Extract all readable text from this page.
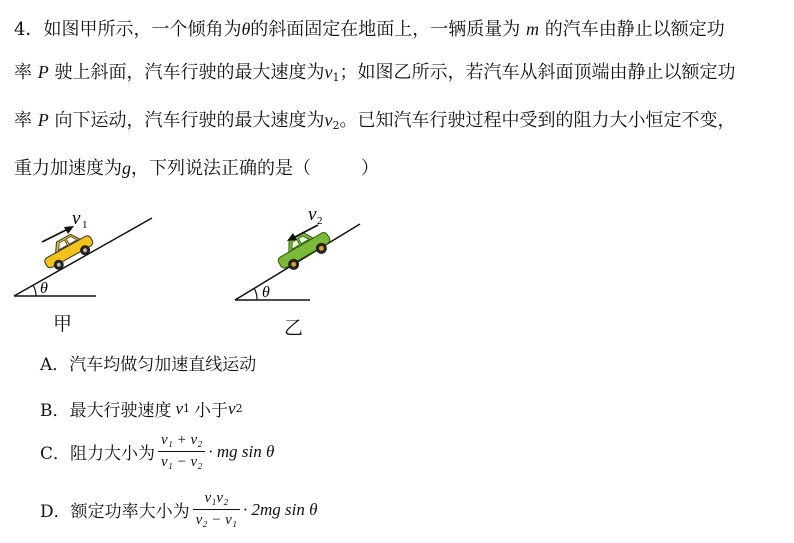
4．如图甲所示，一个倾角为θ的斜面固定在地面上，一辆质量为 m 的汽车由静止以额定功
率 P 驶上斜面，汽车行驶的最大速度为$v_1$；如图乙所示，若汽车从斜面顶端由静止以额定功
率 P 向下运动，汽车行驶的最大速度为$v_2$。已知汽车行驶过程中受到的阻力大小恒定不变，
重力加速度为g，下列说法正确的是（	）
θ
v 1
θ
v 2
甲	乙
A． 汽车均做匀加速直线运动
B． 最大行驶速度 v 1 小于 v 2
C． 阻力大小为 $\frac{\text{v₁ + v₂}}{\text{v₁ − v₂}}$ · mg sin θ
D． 额定功率大小为 $\frac{\text{v₁v₂}}{\text{v₂ − v₁}} \cdot 2mg$ sin θ
